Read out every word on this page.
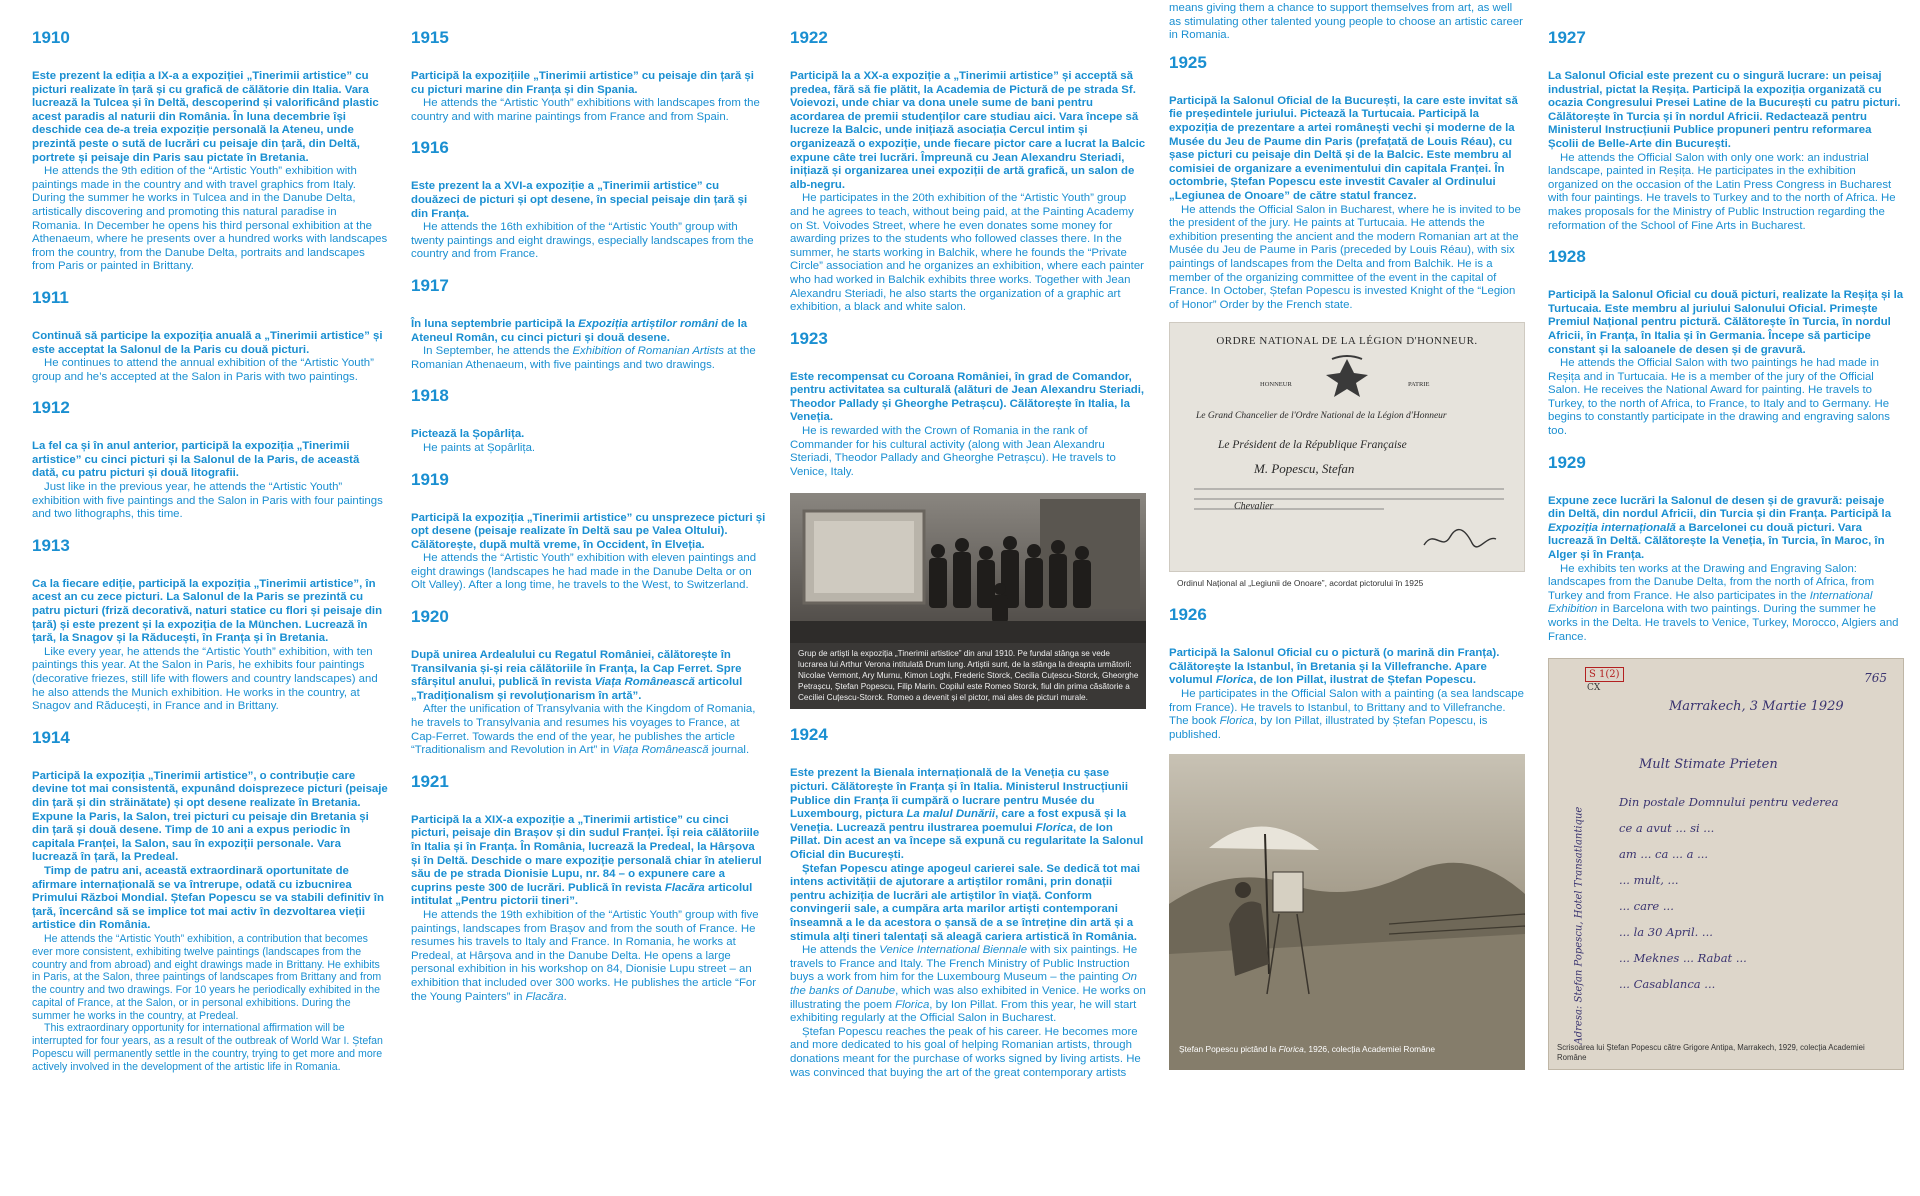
1910

Este prezent la ediția a IX-a a expoziției „Tinerimii artistice” cu picturi realizate în țară și cu grafică de călătorie din Italia. Vara lucrează la Tulcea și în Deltă, descoperind și valorificând plastic acest paradis al naturii din România. În luna decembrie își deschide cea de-a treia expoziție personală la Ateneu, unde prezintă peste o sută de lucrări cu peisaje din țară, din Deltă, portrete și peisaje din Paris sau pictate în Bretania.

He attends the 9th edition of the “Artistic Youth” exhibition with paintings made in the country and with travel graphics from Italy. During the summer he works in Tulcea and in the Danube Delta, artistically discovering and promoting this natural paradise in Romania. In December he opens his third personal exhibition at the Athenaeum, where he presents over a hundred works with landscapes from the country, from the Danube Delta, portraits and landscapes from Paris or painted in Brittany.

1911

Continuă să participe la expoziția anuală a „Tinerimii artistice” și este acceptat la Salonul de la Paris cu două picturi.

He continues to attend the annual exhibition of the “Artistic Youth” group and he’s accepted at the Salon in Paris with two paintings.

1912

La fel ca și în anul anterior, participă la expoziția „Tinerimii artistice” cu cinci picturi și la Salonul de la Paris, de această dată, cu patru picturi și două litografii.

Just like in the previous year, he attends the “Artistic Youth” exhibition with five paintings and the Salon in Paris with four paintings and two lithographs, this time.

1913

Ca la fiecare ediție, participă la expoziția „Tinerimii artistice”, în acest an cu zece picturi. La Salonul de la Paris se prezintă cu patru picturi (friză decorativă, naturi statice cu flori și peisaje din țară) și este prezent și la expoziția de la München. Lucrează în țară, la Snagov și la Răducești, în Franța și în Bretania.

Like every year, he attends the “Artistic Youth” exhibition, with ten paintings this year. At the Salon in Paris, he exhibits four paintings (decorative friezes, still life with flowers and country landscapes) and he also attends the Munich exhibition. He works in the country, at Snagov and Răducești, in France and in Brittany.

1914

Participă la expoziția „Tinerimii artistice”, o contribuție care devine tot mai consistentă, expunând doisprezece picturi (peisaje din țară și din străinătate) și opt desene realizate în Bretania. Expune la Paris, la Salon, trei picturi cu peisaje din Bretania și din țară și două desene. Timp de 10 ani a expus periodic în capitala Franței, la Salon, sau în expoziții personale. Vara lucrează în țară, la Predeal.

Timp de patru ani, această extraordinară oportunitate de afirmare internațională se va întrerupe, odată cu izbucnirea Primului Război Mondial. Ștefan Popescu se va stabili definitiv în țară, încercând să se implice tot mai activ în dezvoltarea vieții artistice din România.

He attends the “Artistic Youth” exhibition, a contribution that becomes ever more consistent, exhibiting twelve paintings (landscapes from the country and from abroad) and eight drawings made in Brittany. He exhibits in Paris, at the Salon, three paintings of landscapes from Brittany and from the country and two drawings. For 10 years he periodically exhibited in the capital of France, at the Salon, or in personal exhibitions. During the summer he works in the country, at Predeal.

This extraordinary opportunity for international affirmation will be interrupted for four years, as a result of the outbreak of World War I. Ștefan Popescu will permanently settle in the country, trying to get more and more actively involved in the development of the artistic life in Romania.

1915

Participă la expozițiile „Tinerimii artistice” cu peisaje din țară și cu picturi marine din Franța și din Spania.

He attends the “Artistic Youth” exhibitions with landscapes from the country and with marine paintings from France and from Spain.

1916

Este prezent la a XVI-a expoziție a „Tinerimii artistice” cu douăzeci de picturi și opt desene, în special peisaje din țară și din Franța.

He attends the 16th exhibition of the “Artistic Youth” group with twenty paintings and eight drawings, especially landscapes from the country and from France.

1917

În luna septembrie participă la Expoziția artiștilor români de la Ateneul Român, cu cinci picturi și două desene.

In September, he attends the Exhibition of Romanian Artists at the Romanian Athenaeum, with five paintings and two drawings.

1918

Pictează la Șopârlița.

He paints at Șopârlița.

1919

Participă la expoziția „Tinerimii artistice” cu unsprezece picturi și opt desene (peisaje realizate în Deltă sau pe Valea Oltului). Călătorește, după multă vreme, în Occident, în Elveția.

He attends the “Artistic Youth” exhibition with eleven paintings and eight drawings (landscapes he had made in the Danube Delta or on Olt Valley). After a long time, he travels to the West, to Switzerland.

1920

După unirea Ardealului cu Regatul României, călătorește în Transilvania și-și reia călătoriile în Franța, la Cap Ferret. Spre sfârșitul anului, publică în revista Viața Românească articolul „Tradiționalism și revoluționarism în artă”.

After the unification of Transylvania with the Kingdom of Romania, he travels to Transylvania and resumes his voyages to France, at Cap-Ferret. Towards the end of the year, he publishes the article “Traditionalism and Revolution in Art” in Viața Românească journal.

1921

Participă la a XIX-a expoziție a „Tinerimii artistice” cu cinci picturi, peisaje din Brașov și din sudul Franței. Își reia călătoriile în Italia și în Franța. În România, lucrează la Predeal, la Hârșova și în Deltă. Deschide o mare expoziție personală chiar în atelierul său de pe strada Dionisie Lupu, nr. 84 – o expunere care a cuprins peste 300 de lucrări. Publică în revista Flacăra articolul intitulat „Pentru pictorii tineri”.

He attends the 19th exhibition of the “Artistic Youth” group with five paintings, landscapes from Brașov and from the south of France. He resumes his travels to Italy and France. In Romania, he works at Predeal, at Hârșova and in the Danube Delta. He opens a large personal exhibition in his workshop on 84, Dionisie Lupu street – an exhibition that included over 300 works. He publishes the article “For the Young Painters” in Flacăra.

1922

Participă la a XX-a expoziție a „Tinerimii artistice” și acceptă să predea, fără să fie plătit, la Academia de Pictură de pe strada Sf. Voievozi, unde chiar va dona unele sume de bani pentru acordarea de premii studenților care studiau aici. Vara începe să lucreze la Balcic, unde inițiază asociația Cercul intim și organizează o expoziție, unde fiecare pictor care a lucrat la Balcic expune câte trei lucrări. Împreună cu Jean Alexandru Steriadi, inițiază și organizarea unei expoziții de artă grafică, un salon de alb-negru.

He participates in the 20th exhibition of the “Artistic Youth” group and he agrees to teach, without being paid, at the Painting Academy on St. Voivodes Street, where he even donates some money for awarding prizes to the students who followed classes there. In the summer, he starts working in Balchik, where he founds the “Private Circle” association and he organizes an exhibition, where each painter who had worked in Balchik exhibits three works. Together with Jean Alexandru Steriadi, he also starts the organization of a graphic art exhibition, a black and white salon.

1923

Este recompensat cu Coroana României, în grad de Comandor, pentru activitatea sa culturală (alături de Jean Alexandru Steriadi, Theodor Pallady și Gheorghe Petrașcu). Călătorește în Italia, la Veneția.

He is rewarded with the Crown of Romania in the rank of Commander for his cultural activity (along with Jean Alexandru Steriadi, Theodor Pallady and Gheorghe Petrașcu). He travels to Venice, Italy.

Grup de artiști la expoziția „Tinerimii artistice” din anul 1910. Pe fundal stânga se vede lucrarea lui Arthur Verona intitulată Drum lung. Artiștii sunt, de la stânga la dreapta următorii: Nicolae Vermont, Ary Murnu, Kimon Loghi, Frederic Storck, Cecilia Cuțescu-Storck, Gheorghe Petrașcu, Ștefan Popescu, Filip Marin. Copilul este Romeo Storck, fiul din prima căsătorie a Ceciliei Cuțescu-Storck. Romeo a devenit și el pictor, mai ales de picturi murale.
1924

Este prezent la Bienala internațională de la Veneția cu șase picturi. Călătorește în Franța și în Italia. Ministerul Instrucțiunii Publice din Franța îi cumpără o lucrare pentru Musée du Luxembourg, pictura La malul Dunării, care a fost expusă și la Veneția. Lucrează pentru ilustrarea poemului Florica, de Ion Pillat. Din acest an va începe să expună cu regularitate la Salonul Oficial din București.

Ștefan Popescu atinge apogeul carierei sale. Se dedică tot mai intens activității de ajutorare a artiștilor români, prin donații pentru achiziția de lucrări ale artiștilor în viață. Conform convingerii sale, a cumpăra arta marilor artiști contemporani înseamnă a le da acestora o șansă de a se întreține din artă și a stimula alți tineri talentați să aleagă cariera artistică în România.

He attends the Venice International Biennale with six paintings. He travels to France and Italy. The French Ministry of Public Instruction buys a work from him for the Luxembourg Museum – the painting On the banks of Danube, which was also exhibited in Venice. He works on illustrating the poem Florica, by Ion Pillat. From this year, he will start exhibiting regularly at the Official Salon in Bucharest.

Ștefan Popescu reaches the peak of his career. He becomes more and more dedicated to his goal of helping Romanian artists, through donations meant for the purchase of works signed by living artists. He was convinced that buying the art of the great contemporary artists

means giving them a chance to support themselves from art, as well as stimulating other talented young people to choose an artistic career in Romania.

1925

Participă la Salonul Oficial de la București, la care este invitat să fie președintele juriului. Pictează la Turtucaia. Participă la expoziția de prezentare a artei românești vechi și moderne de la Musée du Jeu de Paume din Paris (prefațată de Louis Réau), cu șase picturi cu peisaje din Deltă și de la Balcic. Este membru al comisiei de organizare a evenimentului din capitala Franței. În octombrie, Ștefan Popescu este investit Cavaler al Ordinului „Legiunea de Onoare” de către statul francez.

He attends the Official Salon in Bucharest, where he is invited to be the president of the jury. He paints at Turtucaia. He attends the exhibition presenting the ancient and the modern Romanian art at the Musée du Jeu de Paume in Paris (preceded by Louis Réau), with six paintings of landscapes from the Delta and from Balchik. He is a member of the organizing committee of the event in the capital of France. In October, Ștefan Popescu is invested Knight of the “Legion of Honor” Order by the French state.

ORDRE NATIONAL DE LA LÉGION D'HONNEUR.
HONNEUR	PATRIE
Le Grand Chancelier de l'Ordre National de la Légion d'Honneur
Le Président de la République Française
M. Popescu, Stefan
Chevalier
Ordinul Național al „Legiunii de Onoare”, acordat pictorului în 1925
1926

Participă la Salonul Oficial cu o pictură (o marină din Franța). Călătorește la Istanbul, în Bretania și la Villefranche. Apare volumul Florica, de Ion Pillat, ilustrat de Ștefan Popescu.

He participates in the Official Salon with a painting (a sea landscape from France). He travels to Istanbul, to Brittany and to Villefranche. The book Florica, by Ion Pillat, illustrated by Ștefan Popescu, is published.

Ștefan Popescu pictând la Florica, 1926, colecția Academiei Române
1927

La Salonul Oficial este prezent cu o singură lucrare: un peisaj industrial, pictat la Reșița. Participă la expoziția organizată cu ocazia Congresului Presei Latine de la București cu patru picturi. Călătorește în Turcia și în nordul Africii. Redactează pentru Ministerul Instrucțiunii Publice propuneri pentru reformarea Școlii de Belle-Arte din București.

He attends the Official Salon with only one work: an industrial landscape, painted in Reșița. He participates in the exhibition organized on the occasion of the Latin Press Congress in Bucharest with four paintings. He travels to Turkey and to the north of Africa. He makes proposals for the Ministry of Public Instruction regarding the reformation of the School of Fine Arts in Bucharest.

1928

Participă la Salonul Oficial cu două picturi, realizate la Reșița și la Turtucaia. Este membru al juriului Salonului Oficial. Primește Premiul Național pentru pictură. Călătorește în Turcia, în nordul Africii, în Franța, în Italia și în Germania. Începe să participe constant și la saloanele de desen și de gravură.

He attends the Official Salon with two paintings he had made in Reșița and in Turtucaia. He is a member of the jury of the Official Salon. He receives the National Award for painting. He travels to Turkey, to the north of Africa, to France, to Italy and to Germany. He begins to constantly participate in the drawing and engraving salons too.

1929

Expune zece lucrări la Salonul de desen și de gravură: peisaje din Deltă, din nordul Africii, din Turcia și din Franța. Participă la Expoziția internațională a Barcelonei cu două picturi. Vara lucrează în Deltă. Călătorește la Veneția, în Turcia, în Maroc, în Alger și în Franța.

He exhibits ten works at the Drawing and Engraving Salon: landscapes from the Danube Delta, from the north of Africa, from Turkey and from France. He also participates in the International Exhibition in Barcelona with two paintings. During the summer he works in the Delta. He travels to Venice, Turkey, Morocco, Algiers and France.

S 1(2)
CX
765
Marrakech, 3 Martie 1929
Mult Stimate Prieten
Din postale Domnului pentru vederea
ce a avut ... si ...
am ... ca ... a ...
... mult, ...
... care ...
... la 30 April. ...
... Meknes ... Rabat ...
... Casablanca ...
Adresa: Stefan Popescu, Hotel Transatlantique
Scrisoarea lui Ștefan Popescu către Grigore Antipa, Marrakech, 1929, colecția Academiei Române
